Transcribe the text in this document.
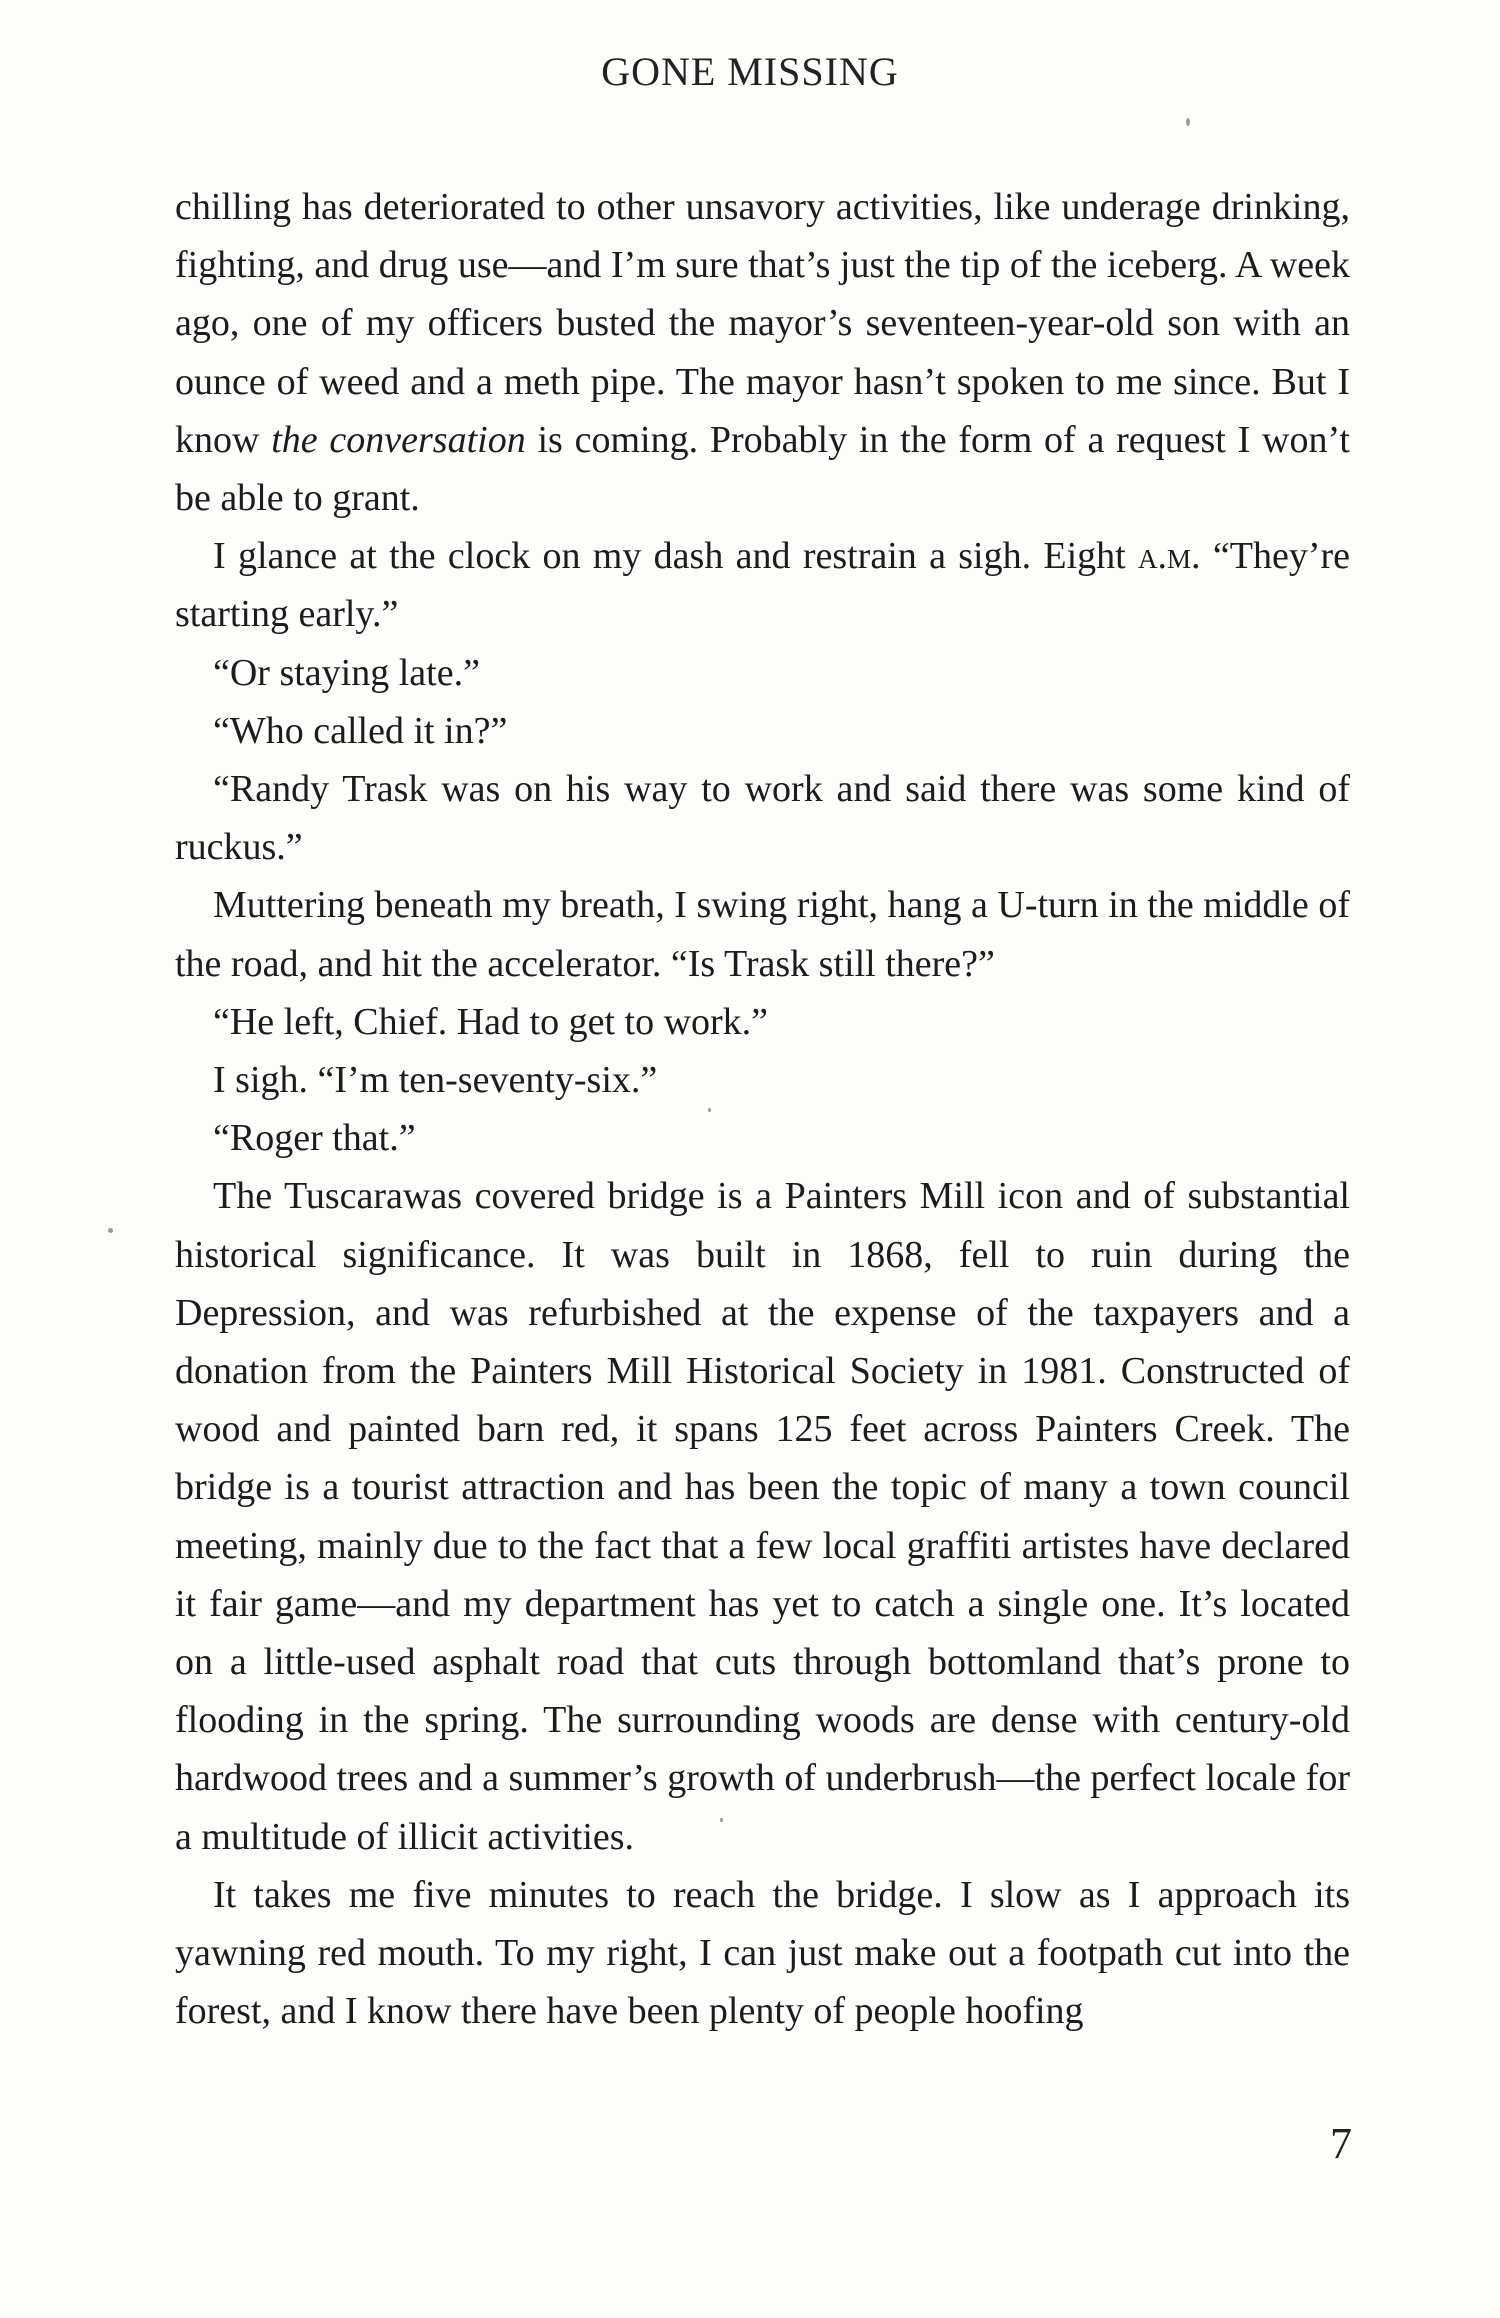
GONE MISSING

chilling has deteriorated to other unsavory activities, like underage drinking, fighting, and drug use—and I’m sure that’s just the tip of the iceberg. A week ago, one of my officers busted the mayor’s seventeen-year-old son with an ounce of weed and a meth pipe. The mayor hasn’t spoken to me since. But I know the conversation is coming. Probably in the form of a request I won’t be able to grant.

I glance at the clock on my dash and restrain a sigh. Eight a.m. “They’re starting early.”

“Or staying late.”

“Who called it in?”

“Randy Trask was on his way to work and said there was some kind of ruckus.”

Muttering beneath my breath, I swing right, hang a U-turn in the middle of the road, and hit the accelerator. “Is Trask still there?”

“He left, Chief. Had to get to work.”

I sigh. “I’m ten-seventy-six.”

“Roger that.”

The Tuscarawas covered bridge is a Painters Mill icon and of substantial historical significance. It was built in 1868, fell to ruin during the Depression, and was refurbished at the expense of the taxpayers and a donation from the Painters Mill Historical Society in 1981. Constructed of wood and painted barn red, it spans 125 feet across Painters Creek. The bridge is a tourist attraction and has been the topic of many a town council meeting, mainly due to the fact that a few local graffiti artistes have declared it fair game—and my department has yet to catch a single one. It’s located on a little-used asphalt road that cuts through bottomland that’s prone to flooding in the spring. The surrounding woods are dense with century-old hardwood trees and a summer’s growth of underbrush—the perfect locale for a multitude of illicit activities.

It takes me five minutes to reach the bridge. I slow as I approach its yawning red mouth. To my right, I can just make out a footpath cut into the forest, and I know there have been plenty of people hoofing

7
